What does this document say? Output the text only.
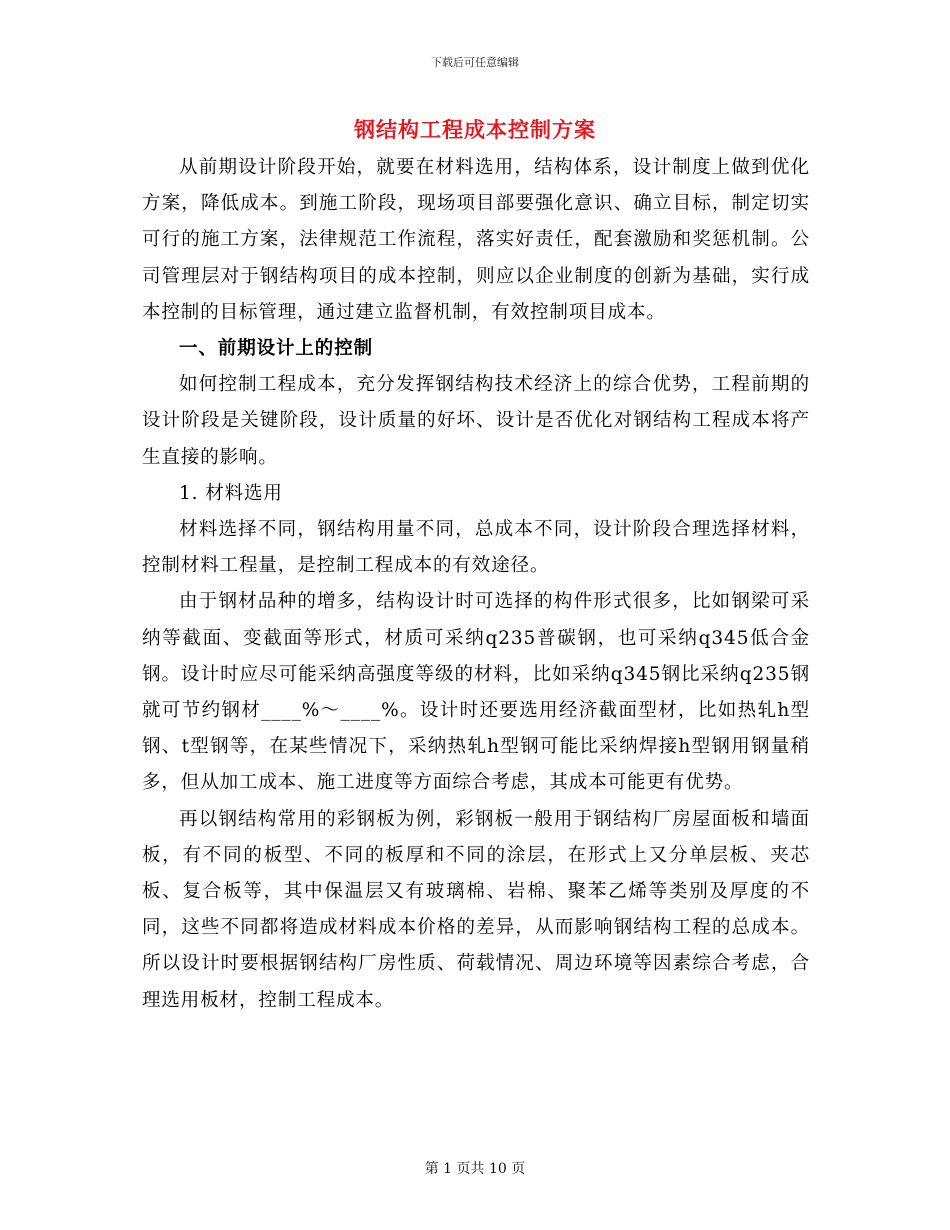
下载后可任意编辑
钢结构工程成本控制方案

从前期设计阶段开始，就要在材料选用，结构体系，设计制度上做到优化方案，降低成本。到施工阶段，现场项目部要强化意识、确立目标，制定切实可行的施工方案，法律规范工作流程，落实好责任，配套激励和奖惩机制。公司管理层对于钢结构项目的成本控制，则应以企业制度的创新为基础，实行成本控制的目标管理，通过建立监督机制，有效控制项目成本。

一、前期设计上的控制

如何控制工程成本，充分发挥钢结构技术经济上的综合优势，工程前期的设计阶段是关键阶段，设计质量的好坏、设计是否优化对钢结构工程成本将产生直接的影响。

1. 材料选用

材料选择不同，钢结构用量不同，总成本不同，设计阶段合理选择材料，控制材料工程量，是控制工程成本的有效途径。

由于钢材品种的增多，结构设计时可选择的构件形式很多，比如钢梁可采纳等截面、变截面等形式，材质可采纳q235普碳钢，也可采纳q345低合金钢。设计时应尽可能采纳高强度等级的材料，比如采纳q345钢比采纳q235钢就可节约钢材____%～____%。设计时还要选用经济截面型材，比如热轧h型钢、t型钢等，在某些情况下，采纳热轧h型钢可能比采纳焊接h型钢用钢量稍多，但从加工成本、施工进度等方面综合考虑，其成本可能更有优势。

再以钢结构常用的彩钢板为例，彩钢板一般用于钢结构厂房屋面板和墙面板，有不同的板型、不同的板厚和不同的涂层，在形式上又分单层板、夹芯板、复合板等，其中保温层又有玻璃棉、岩棉、聚苯乙烯等类别及厚度的不同，这些不同都将造成材料成本价格的差异，从而影响钢结构工程的总成本。所以设计时要根据钢结构厂房性质、荷载情况、周边环境等因素综合考虑，合理选用板材，控制工程成本。

第 1 页共 10 页
